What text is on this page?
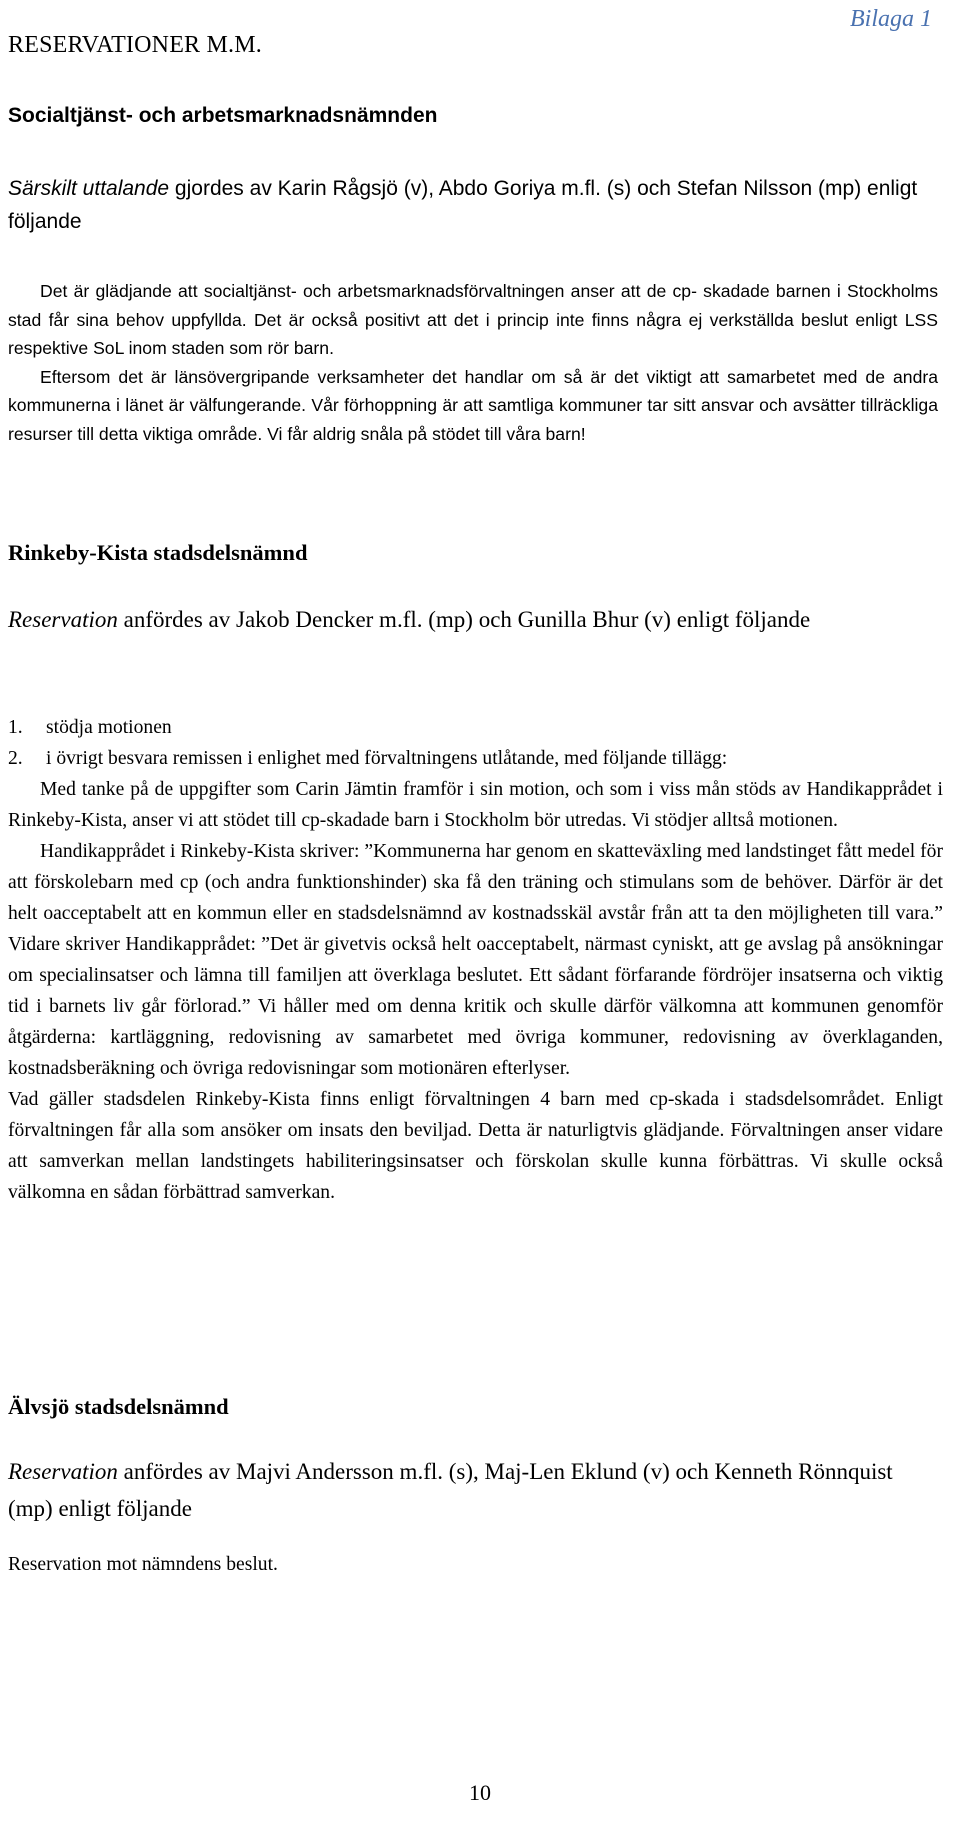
Bilaga 1
RESERVATIONER M.M.
Socialtjänst- och arbetsmarknadsnämnden
Särskilt uttalande gjordes av Karin Rågsjö (v), Abdo Goriya m.fl. (s) och Stefan Nilsson (mp) enligt följande

Det är glädjande att socialtjänst- och arbetsmarknadsförvaltningen anser att de cp- skadade barnen i Stockholms stad får sina behov uppfyllda. Det är också positivt att det i princip inte finns några ej verkställda beslut enligt LSS respektive SoL inom staden som rör barn.

Eftersom det är länsövergripande verksamheter det handlar om så är det viktigt att samarbetet med de andra kommunerna i länet är välfungerande. Vår förhoppning är att samtliga kommuner tar sitt ansvar och avsätter tillräckliga resurser till detta viktiga område. Vi får aldrig snåla på stödet till våra barn!

Rinkeby-Kista stadsdelsnämnd
Reservation anfördes av Jakob Dencker m.fl. (mp) och Gunilla Bhur (v) enligt följande
1. stödja motionen
2. i övrigt besvara remissen i enlighet med förvaltningens utlåtande, med följande tillägg:

Med tanke på de uppgifter som Carin Jämtin framför i sin motion, och som i viss mån stöds av Handikapprådet i Rinkeby-Kista, anser vi att stödet till cp-skadade barn i Stockholm bör utredas. Vi stödjer alltså motionen.

Handikapprådet i Rinkeby-Kista skriver: ”Kommunerna har genom en skatteväxling med landstinget fått medel för att förskolebarn med cp (och andra funktionshinder) ska få den träning och stimulans som de behöver. Därför är det helt oacceptabelt att en kommun eller en stadsdelsnämnd av kostnadsskäl avstår från att ta den möjligheten till vara.” Vidare skriver Handikapprådet: ”Det är givetvis också helt oacceptabelt, närmast cyniskt, att ge avslag på ansökningar om specialinsatser och lämna till familjen att överklaga beslutet. Ett sådant förfarande fördröjer insatserna och viktig tid i barnets liv går förlorad.” Vi håller med om denna kritik och skulle därför välkomna att kommunen genomför åtgärderna: kartläggning, redovisning av samarbetet med övriga kommuner, redovisning av överklaganden, kostnadsberäkning och övriga redovisningar som motionären efterlyser.

Vad gäller stadsdelen Rinkeby-Kista finns enligt förvaltningen 4 barn med cp-skada i stadsdelsområdet. Enligt förvaltningen får alla som ansöker om insats den beviljad. Detta är naturligtvis glädjande. Förvaltningen anser vidare att samverkan mellan landstingets habiliteringsinsatser och förskolan skulle kunna förbättras. Vi skulle också välkomna en sådan förbättrad samverkan.

Älvsjö stadsdelsnämnd
Reservation anfördes av Majvi Andersson m.fl. (s), Maj-Len Eklund (v) och Kenneth Rönnquist (mp) enligt följande
Reservation mot nämndens beslut.
10
